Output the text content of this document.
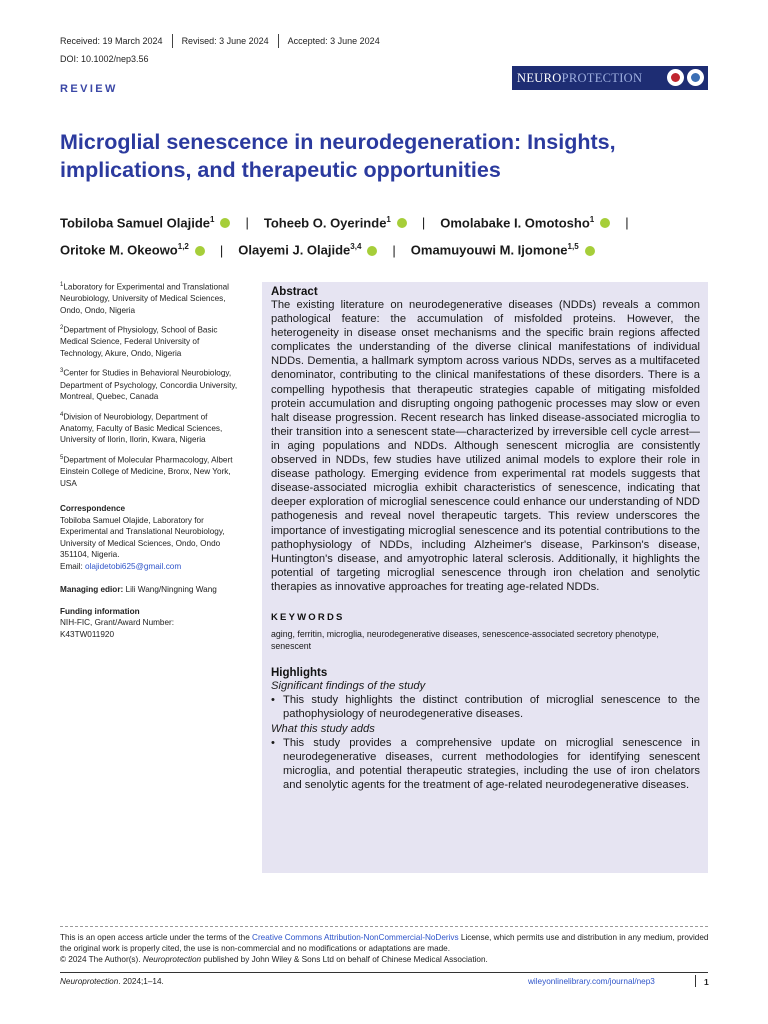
Received: 19 March 2024 Revised: 3 June 2024 Accepted: 3 June 2024
DOI: 10.1002/nep3.56
NEURO PROTECTION
REVIEW
Microglial senescence in neurodegeneration: Insights, implications, and therapeutic opportunities
Tobiloba Samuel Olajide$^1$ | Toheeb O. Oyerinde$^1$ | Omolabake I. Omotosho$^1$ |
Oritoke M. Okeowo$^{1,2}$ | Olayemi J. Olajide$^{3,4}$ | Omamuyouwi M. Ijomone$^{1,5}$
$^1$Laboratory for Experimental and Translational Neurobiology, University of Medical Sciences, Ondo, Ondo, Nigeria
$^2$Department of Physiology, School of Basic Medical Science, Federal University of Technology, Akure, Ondo, Nigeria
$^3$Center for Studies in Behavioral Neurobiology, Department of Psychology, Concordia University, Montreal, Quebec, Canada
$^4$Division of Neurobiology, Department of Anatomy, Faculty of Basic Medical Sciences, University of Ilorin, Ilorin, Kwara, Nigeria
$^5$Department of Molecular Pharmacology, Albert Einstein College of Medicine, Bronx, New York, USA
Correspondence
Tobiloba Samuel Olajide, Laboratory for Experimental and Translational Neurobiology, University of Medical Sciences, Ondo, Ondo 351104, Nigeria.
Email: olajidetobi625@gmail.com
Managing edior: Lili Wang/Ningning Wang
Funding information
NIH-FIC, Grant/Award Number:
K43TW011920
Abstract

The existing literature on neurodegenerative diseases (NDDs) reveals a common pathological feature: the accumulation of misfolded proteins. However, the heterogeneity in disease onset mechanisms and the specific brain regions affected complicates the understanding of the diverse clinical manifestations of individual NDDs. Dementia, a hallmark symptom across various NDDs, serves as a multifaceted denominator, contributing to the clinical manifestations of these disorders. There is a compelling hypothesis that therapeutic strategies capable of mitigating misfolded protein accumulation and disrupting ongoing pathogenic processes may slow or even halt disease progression. Recent research has linked disease-associated microglia to their transition into a senescent state—characterized by irreversible cell cycle arrest—in aging populations and NDDs. Although senescent microglia are consistently observed in NDDs, few studies have utilized animal models to explore their role in disease pathology. Emerging evidence from experimental rat models suggests that disease-associated microglia exhibit characteristics of senescence, indicating that deeper exploration of microglial senescence could enhance our understanding of NDD pathogenesis and reveal novel therapeutic targets. This review underscores the importance of investigating microglial senescence and its potential contributions to the pathophysiology of NDDs, including Alzheimer's disease, Parkinson's disease, Huntington's disease, and amyotrophic lateral sclerosis. Additionally, it highlights the potential of targeting microglial senescence through iron chelation and senolytic therapies as innovative approaches for treating age-related NDDs.

KEYWORDS
aging, ferritin, microglia, neurodegenerative diseases, senescence-associated secretory phenotype, senescent
Highlights
Significant findings of the study
• This study highlights the distinct contribution of microglial senescence to the pathophysiology of neurodegenerative diseases.
What this study adds
• This study provides a comprehensive update on microglial senescence in neurodegenerative diseases, current methodologies for identifying senescent microglia, and potential therapeutic strategies, including the use of iron chelators and senolytic agents for the treatment of age-related neurodegenerative diseases.
This is an open access article under the terms of the Creative Commons Attribution-NonCommercial-NoDerivs License, which permits use and distribution in any medium, provided the original work is properly cited, the use is non-commercial and no modifications or adaptations are made.
© 2024 The Author(s). Neuroprotection published by John Wiley & Sons Ltd on behalf of Chinese Medical Association.
Neuroprotection. 2024;1–14.	wileyonlinelibrary.com/journal/nep3	1
